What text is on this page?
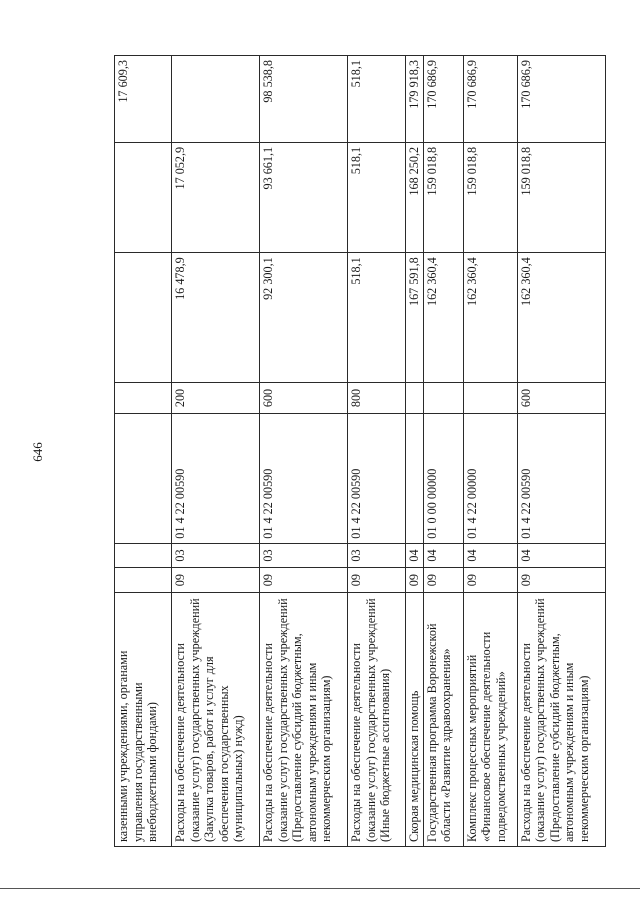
646
казенными учреждениями, органами управления государственными внебюджетными фондами)							17 609,3
Расходы на обеспечение деятельности (оказание услуг) государственных учреждений (Закупка товаров, работ и услуг для обеспечения государственных (муниципальных) нужд)	09	03	01 4 22 00590	200	16 478,9	17 052,9	
Расходы на обеспечение деятельности (оказание услуг) государственных учреждений (Предоставление субсидий бюджетным, автономным учреждениям и иным некоммерческим организациям)	09	03	01 4 22 00590	600	92 300,1	93 661,1	98 538,8
Расходы на обеспечение деятельности (оказание услуг) государственных учреждений (Иные бюджетные ассигнования)	09	03	01 4 22 00590	800	518,1	518,1	518,1
Скорая медицинская помощь	09	04			167 591,8	168 250,2	179 918,3
Государственная программа Воронежской области «Развитие здравоохранения»	09	04	01 0 00 00000		162 360,4	159 018,8	170 686,9
Комплекс процессных мероприятий «Финансовое обеспечение деятельности подведомственных учреждений»	09	04	01 4 22 00000		162 360,4	159 018,8	170 686,9
Расходы на обеспечение деятельности (оказание услуг) государственных учреждений (Предоставление субсидий бюджетным, автономным учреждениям и иным некоммерческим организациям)	09	04	01 4 22 00590	600	162 360,4	159 018,8	170 686,9
